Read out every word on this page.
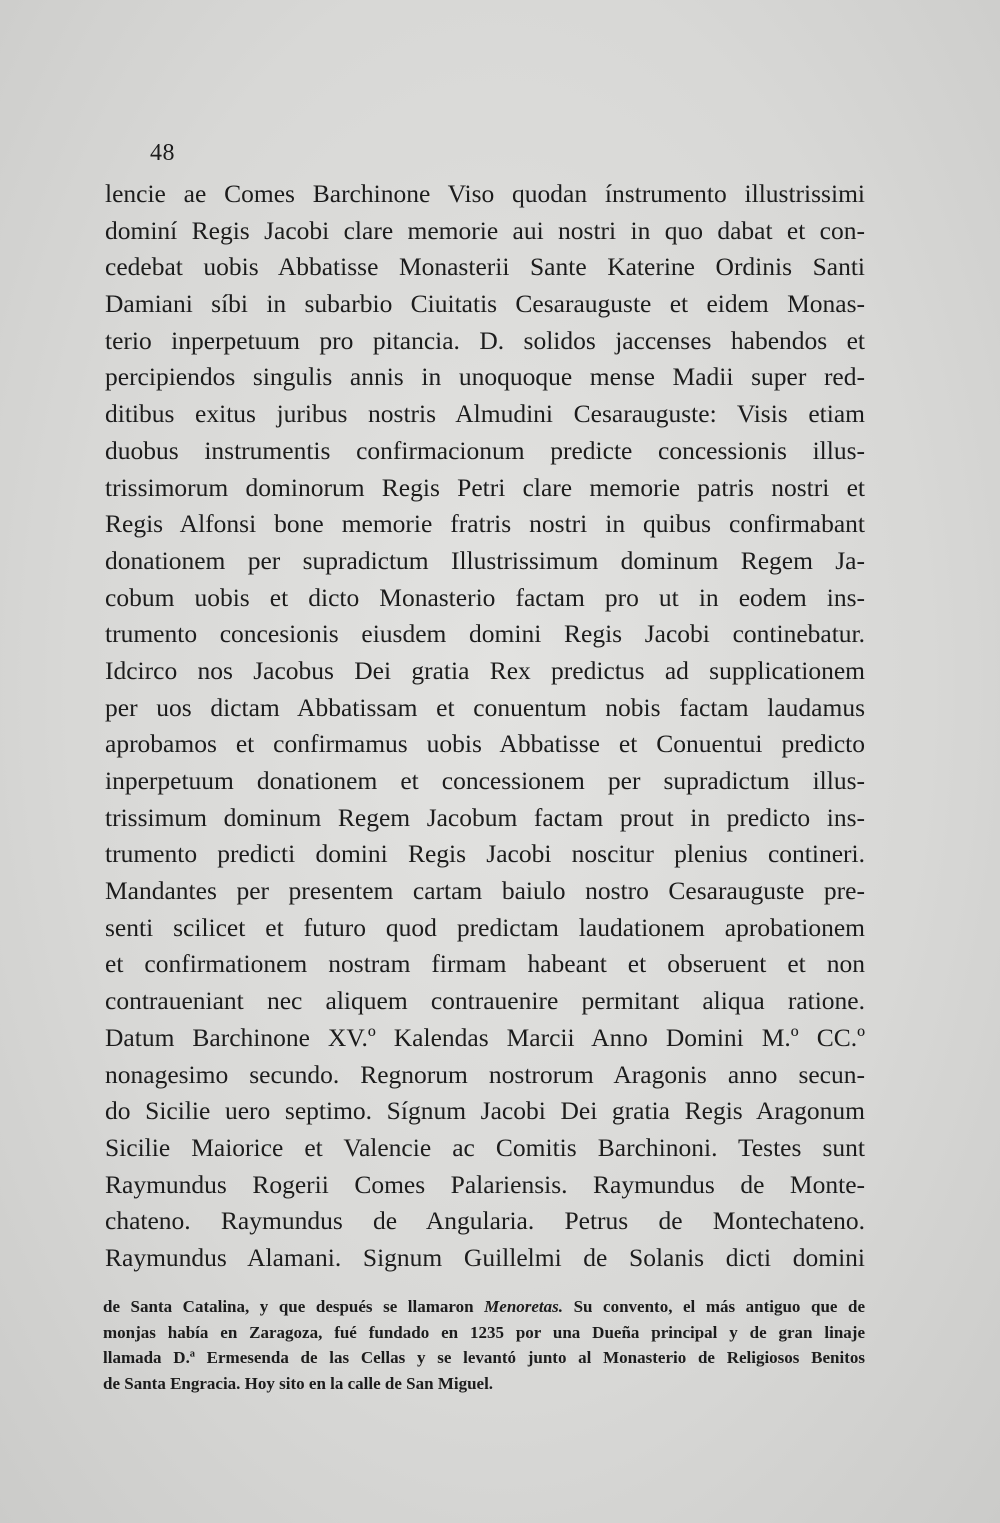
48
lencie ae Comes Barchinone Viso quodan ínstrumento illustrissimi
dominí Regis Jacobi clare memorie aui nostri in quo dabat et con-
cedebat uobis Abbatisse Monasterii Sante Katerine Ordinis Santi
Damiani síbi in subarbio Ciuitatis Cesarauguste et eidem Monas-
terio inperpetuum pro pitancia. D. solidos jaccenses habendos et
percipiendos singulis annis in unoquoque mense Madii super red-
ditibus exitus juribus nostris Almudini Cesarauguste: Visis etiam
duobus instrumentis confirmacionum predicte concessionis illus-
trissimorum dominorum Regis Petri clare memorie patris nostri et
Regis Alfonsi bone memorie fratris nostri in quibus confirmabant
donationem per supradictum Illustrissimum dominum Regem Ja-
cobum uobis et dicto Monasterio factam pro ut in eodem ins-
trumento concesionis eiusdem domini Regis Jacobi continebatur.
Idcirco nos Jacobus Dei gratia Rex predictus ad supplicationem
per uos dictam Abbatissam et conuentum nobis factam laudamus
aprobamos et confirmamus uobis Abbatisse et Conuentui predicto
inperpetuum donationem et concessionem per supradictum illus-
trissimum dominum Regem Jacobum factam prout in predicto ins-
trumento predicti domini Regis Jacobi noscitur plenius contineri.
Mandantes per presentem cartam baiulo nostro Cesarauguste pre-
senti scilicet et futuro quod predictam laudationem aprobationem
et confirmationem nostram firmam habeant et obseruent et non
contraueniant nec aliquem contrauenire permitant aliqua ratione.
Datum Barchinone XV.º Kalendas Marcii Anno Domini M.º CC.º
nonagesimo secundo. Regnorum nostrorum Aragonis anno secun-
do Sicilie uero septimo. Sígnum Jacobi Dei gratia Regis Aragonum
Sicilie Maiorice et Valencie ac Comitis Barchinoni. Testes sunt
Raymundus Rogerii Comes Palariensis. Raymundus de Monte-
chateno. Raymundus de Angularia. Petrus de Montechateno.
Raymundus Alamani. Signum Guillelmi de Solanis dicti domini
de Santa Catalina, y que después se llamaron Menoretas. Su convento, el más antiguo que de
monjas había en Zaragoza, fué fundado en 1235 por una Dueña principal y de gran linaje
llamada D.ª Ermesenda de las Cellas y se levantó junto al Monasterio de Religiosos Benitos
de Santa Engracia. Hoy sito en la calle de San Miguel.
